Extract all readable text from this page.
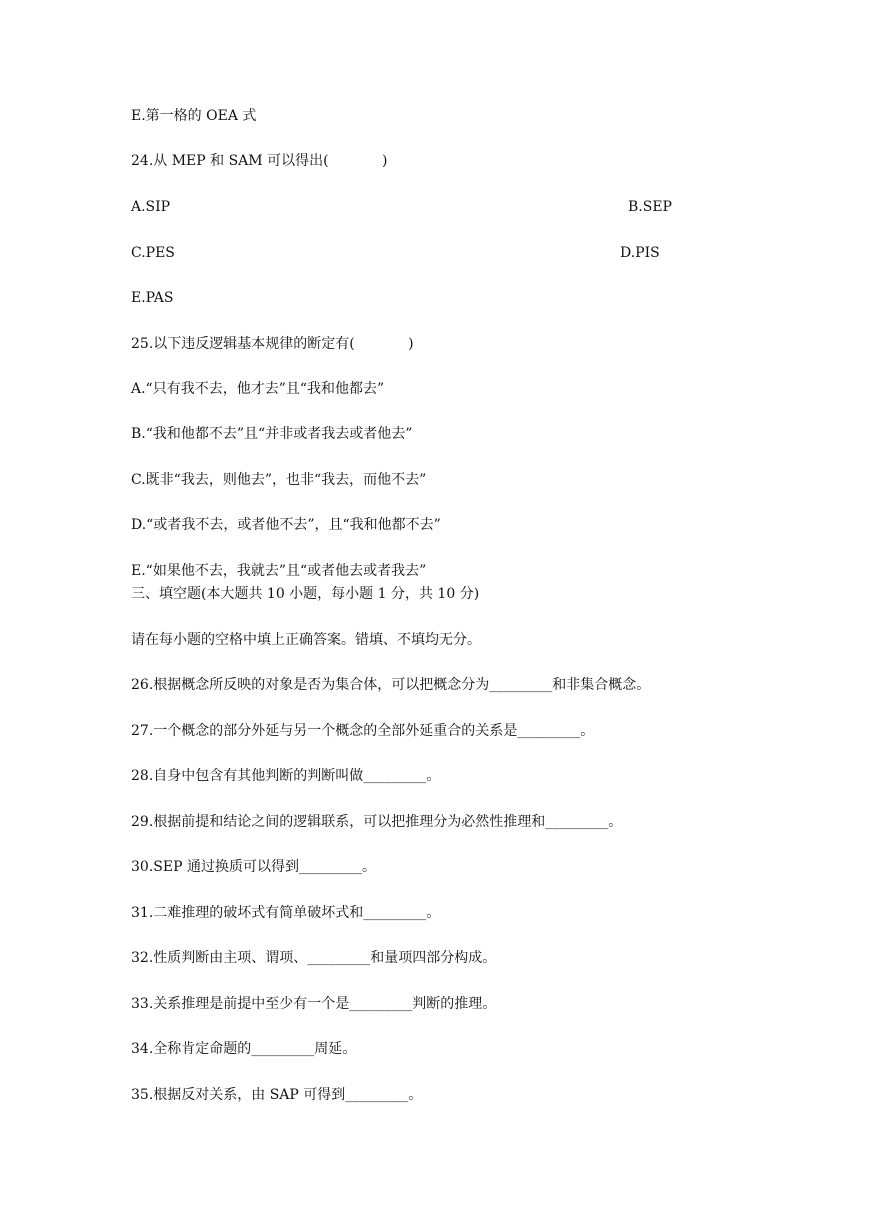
E.第一格的 OEA 式
24.从 MEP 和 SAM 可以得出(            )
A.SIP	B.SEP
C.PES	D.PIS
E.PAS
25.以下违反逻辑基本规律的断定有(            )
A.“只有我不去，他才去”且“我和他都去”
B.“我和他都不去”且“并非或者我去或者他去”
C.既非“我去，则他去”，也非“我去，而他不去”
D.“或者我不去，或者他不去”，且“我和他都不去”
E.“如果他不去，我就去”且“或者他去或者我去”
三、填空题(本大题共 10 小题，每小题 1 分，共 10 分)
请在每小题的空格中填上正确答案。错填、不填均无分。
26.根据概念所反映的对象是否为集合体，可以把概念分为_________和非集合概念。
27.一个概念的部分外延与另一个概念的全部外延重合的关系是_________。
28.自身中包含有其他判断的判断叫做_________。
29.根据前提和结论之间的逻辑联系，可以把推理分为必然性推理和_________。
30.SEP 通过换质可以得到_________。
31.二难推理的破坏式有简单破坏式和_________。
32.性质判断由主项、谓项、_________和量项四部分构成。
33.关系推理是前提中至少有一个是_________判断的推理。
34.全称肯定命题的_________周延。
35.根据反对关系，由 SAP 可得到_________。
